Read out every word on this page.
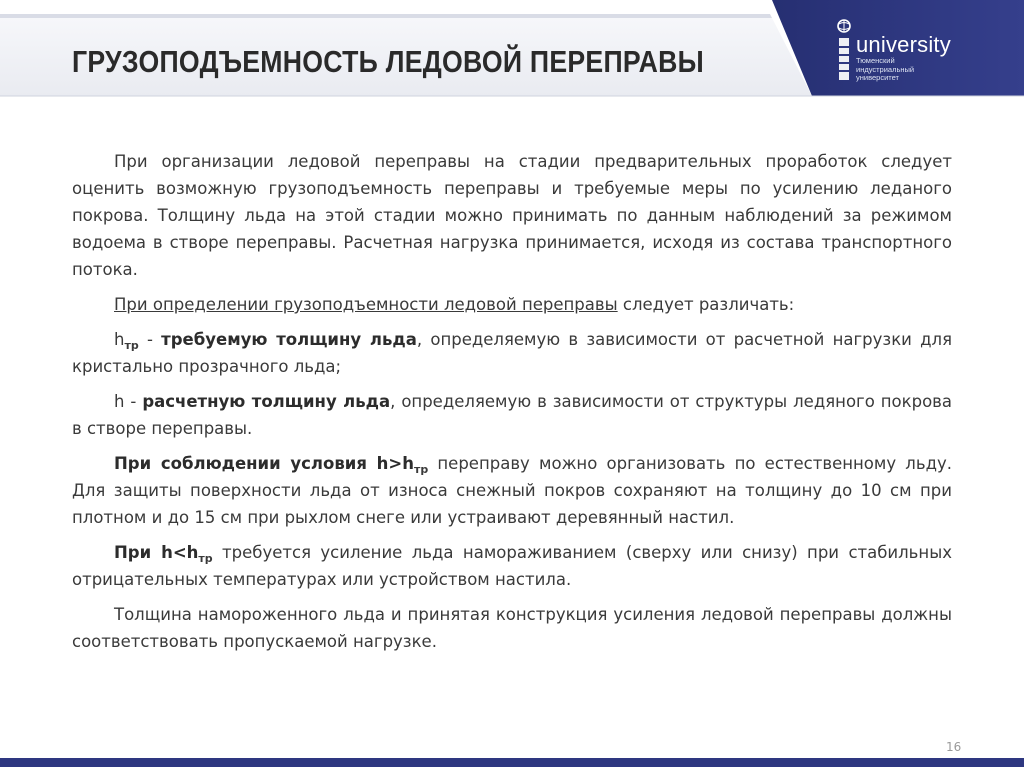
ГРУЗОПОДЪЕМНОСТЬ ЛЕДОВОЙ ПЕРЕПРАВЫ	university
Тюменский
индустриальный
университет

При организации ледовой переправы на стадии предварительных проработок следует оценить возможную грузоподъемность переправы и требуемые меры по усилению леданого покрова. Толщину льда на этой стадии можно принимать по данным наблюдений за режимом водоема в створе переправы. Расчетная нагрузка принимается, исходя из состава транспортного потока.

При определении грузоподъемности ледовой переправы следует различать:

$h_{тр}$ - требуемую толщину льда, определяемую в зависимости от расчетной нагрузки для кристально прозрачного льда;

h - расчетную толщину льда, определяемую в зависимости от структуры ледяного покрова в створе переправы.

При соблюдении условия $h>h_{тр}$ переправу можно организовать по естественному льду. Для защиты поверхности льда от износа снежный покров сохраняют на толщину до 10 см при плотном и до 15 см при рыхлом снеге или устраивают деревянный настил.

При $h<h_{тр}$ требуется усиление льда намораживанием (сверху или снизу) при стабильных отрицательных температурах или устройством настила.

Толщина намороженного льда и принятая конструкция усиления ледовой переправы должны соответствовать пропускаемой нагрузке.

16
